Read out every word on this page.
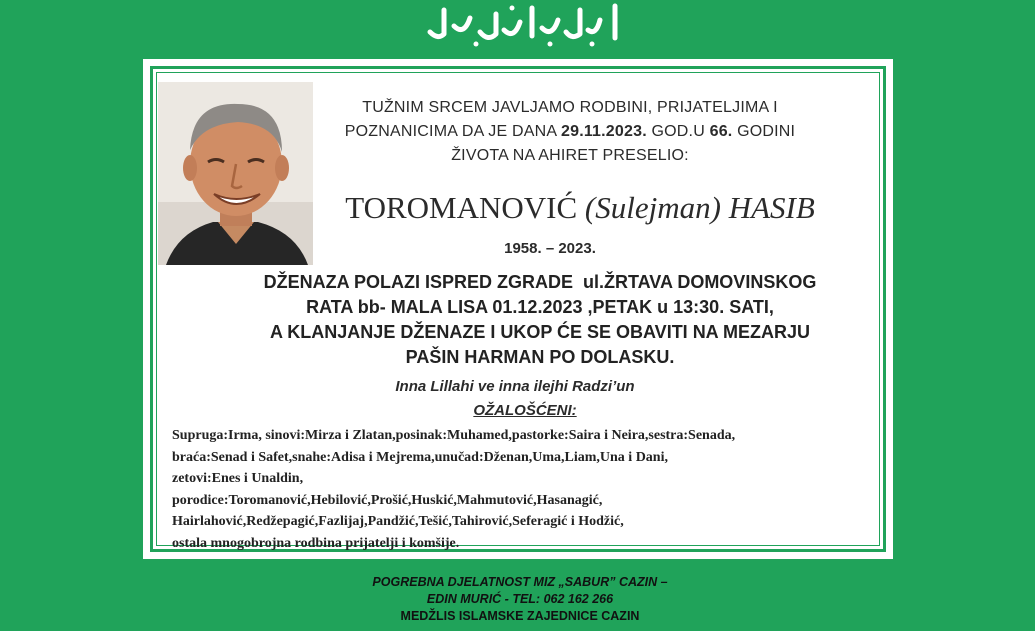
TUŽNIM SRCEM JAVLJAMO RODBINI, PRIJATELJIMA I
POZNANICIMA DA JE DANA 29.11.2023. GOD.U 66. GODINI
ŽIVOTA NA AHIRET PRESELIO:
TOROMANOVIĆ (Sulejman) HASIB
1958. – 2023.
DŽENAZA POLAZI ISPRED ZGRADE  ul.ŽRTAVA DOMOVINSKOG
RATA bb- MALA LISA 01.12.2023 ,PETAK u 13:30. SATI,
A KLANJANJE DŽENAZE I UKOP ĆE SE OBAVITI NA MEZARJU
PAŠIN HARMAN PO DOLASKU.
Inna Lillahi ve inna ilejhi Radzi’un
OŽALOŠĆENI:
Supruga:Irma, sinovi:Mirza i Zlatan,posinak:Muhamed,pastorke:Saira i Neira,sestra:Senada,
braća:Senad i Safet,snahe:Adisa i Mejrema,unučad:Dženan,Uma,Liam,Una i Dani,
zetovi:Enes i Unaldin,
porodice:Toromanović,Hebilović,Prošić,Huskić,Mahmutović,Hasanagić,
Hairlahović,Redžepagić,Fazlijaj,Pandžić,Tešić,Tahirović,Seferagić i Hodžić,
ostala mnogobrojna rodbina prijatelji i komšije.
POGREBNA DJELATNOST MIZ „SABUR” CAZIN –
EDIN MURIĆ - TEL: 062 162 266
MEDŽLIS ISLAMSKE ZAJEDNICE CAZIN
